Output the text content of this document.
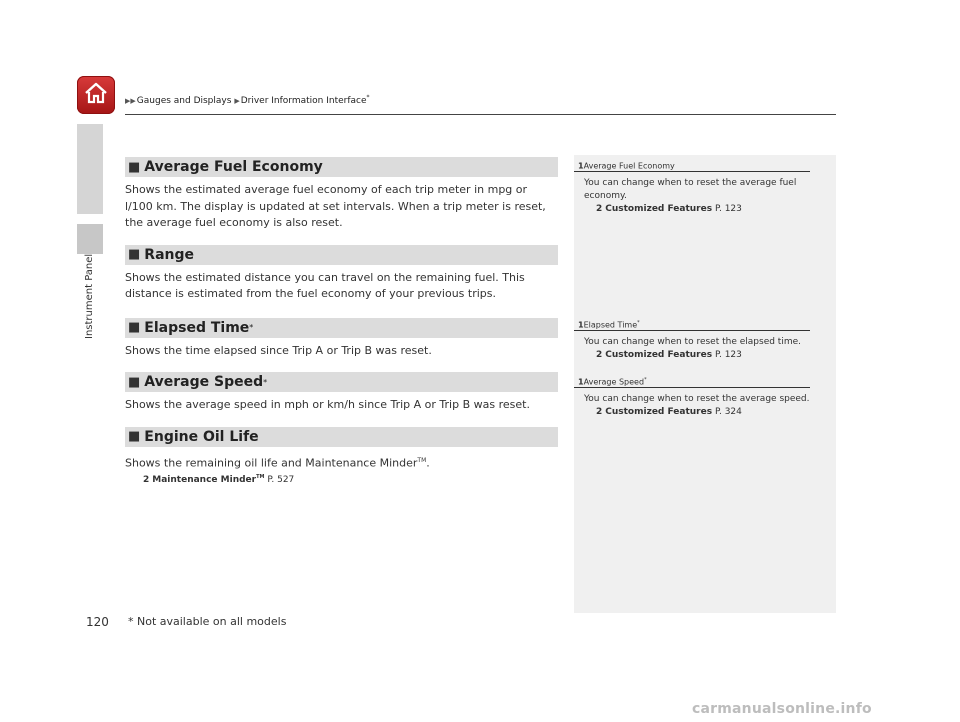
Instrument Panel
▶▶Gauges and Displays ▶Driver Information Interface*
■ Average Fuel Economy

Shows the estimated average fuel economy of each trip meter in mpg or l/100 km. The display is updated at set intervals. When a trip meter is reset, the average fuel economy is also reset.

■ Range

Shows the estimated distance you can travel on the remaining fuel. This distance is estimated from the fuel economy of your previous trips.

■ Elapsed Time *

Shows the time elapsed since Trip A or Trip B was reset.

■ Average Speed *

Shows the average speed in mph or km/h since Trip A or Trip B was reset.

■ Engine Oil Life

Shows the remaining oil life and Maintenance Minder™.

2 Maintenance Minder™ P. 527
1Average Fuel Economy
You can change when to reset the average fuel economy.
2 Customized Features P. 123
1Elapsed Time*
You can change when to reset the elapsed time.
2 Customized Features P. 123
1Average Speed*
You can change when to reset the average speed.
2 Customized Features P. 324
120 * Not available on all models
carmanualsonline.info
